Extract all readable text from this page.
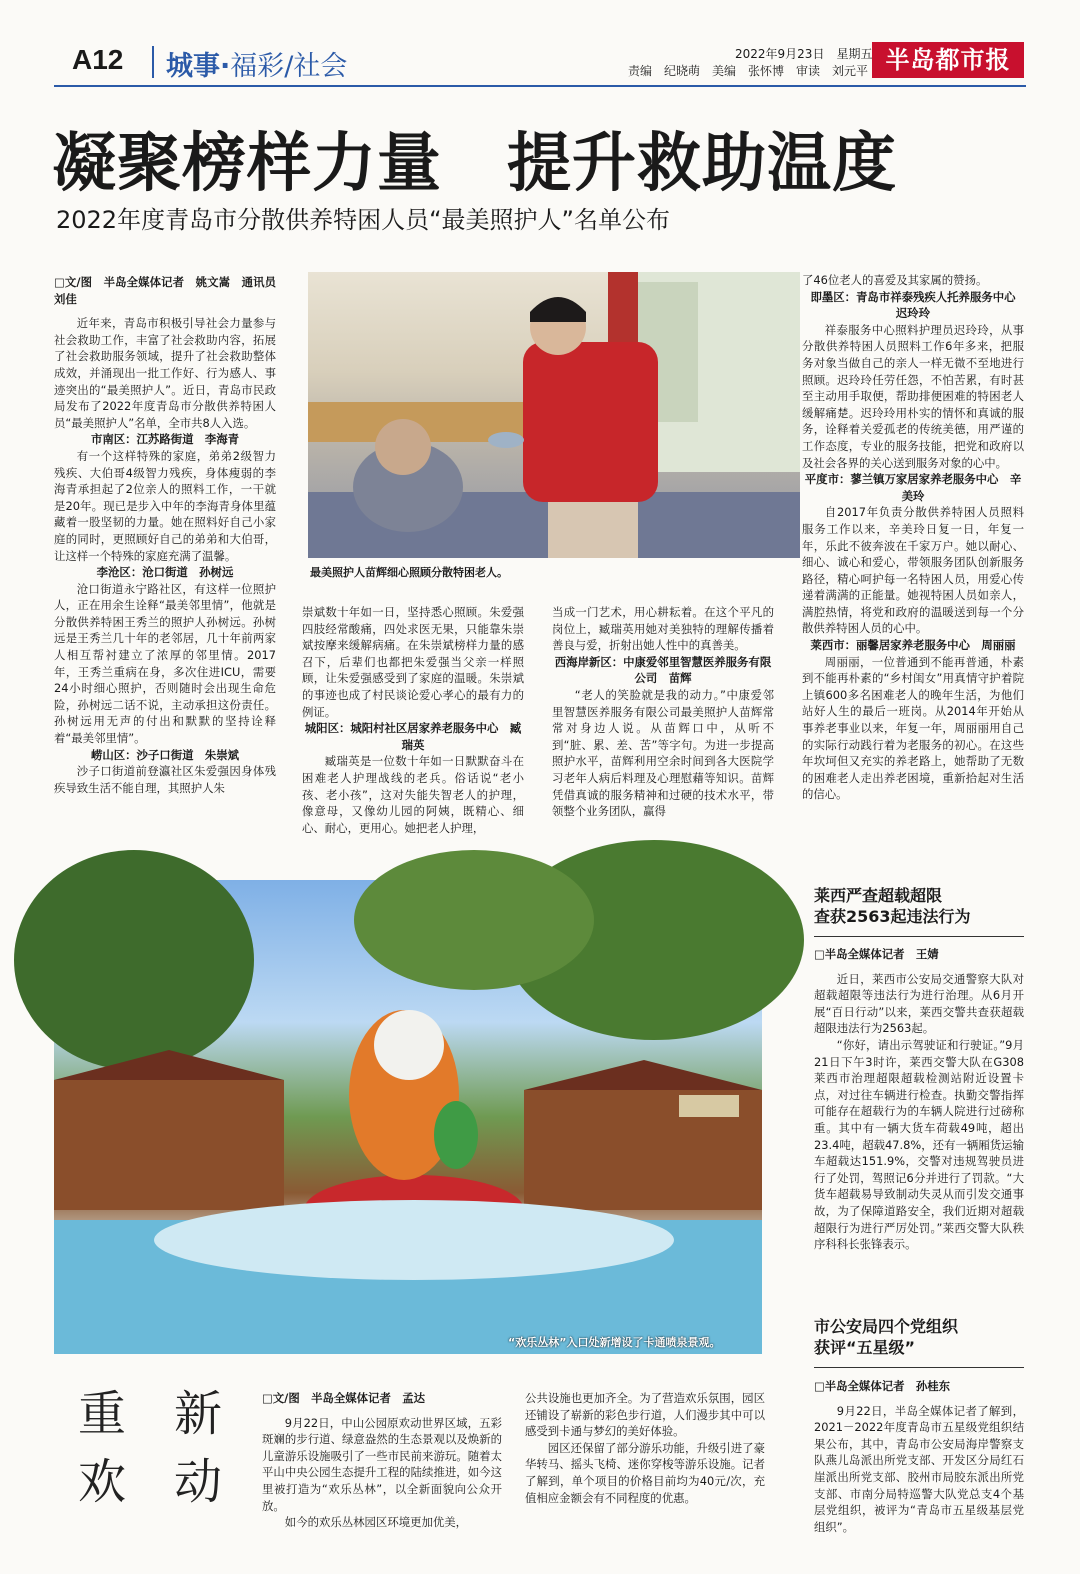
A12 城事·福彩/社会	2022年9月23日　星期五
责编　纪晓萌　美编　张怀博　审读　刘元平 半岛都市报
凝聚榜样力量　提升救助温度
2022年度青岛市分散供养特困人员“最美照护人”名单公布

□文/图　半岛全媒体记者　姚文嵩　通讯员　刘佳

近年来，青岛市积极引导社会力量参与社会救助工作，丰富了社会救助内容，拓展了社会救助服务领域，提升了社会救助整体成效，并涌现出一批工作好、行为感人、事迹突出的“最美照护人”。近日，青岛市民政局发布了2022年度青岛市分散供养特困人员“最美照护人”名单，全市共8人入选。

市南区：江苏路街道　李海青

有一个这样特殊的家庭，弟弟2级智力残疾、大伯哥4级智力残疾，身体瘦弱的李海青承担起了2位亲人的照料工作，一干就是20年。现已是步入中年的李海青身体里蕴藏着一股坚韧的力量。她在照料好自己小家庭的同时，更照顾好自己的弟弟和大伯哥，让这样一个特殊的家庭充满了温馨。

李沧区：沧口街道　孙树远

沧口街道永宁路社区，有这样一位照护人，正在用余生诠释“最美邻里情”，他就是分散供养特困王秀兰的照护人孙树远。孙树远是王秀兰几十年的老邻居，几十年前两家人相互帮衬建立了浓厚的邻里情。2017年，王秀兰重病在身，多次住进ICU，需要24小时细心照护，否则随时会出现生命危险，孙树远二话不说，主动承担这份责任。孙树远用无声的付出和默默的坚持诠释着“最美邻里情”。

崂山区：沙子口街道　朱崇斌

沙子口街道前登瀛社区朱爱强因身体残疾导致生活不能自理，其照护人朱

最美照护人苗辉细心照顾分散特困老人。

崇斌数十年如一日，坚持悉心照顾。朱爱强四肢经常酸痛，四处求医无果，只能靠朱崇斌按摩来缓解病痛。在朱崇斌榜样力量的感召下，后辈们也都把朱爱强当父亲一样照顾，让朱爱强感受到了家庭的温暖。朱崇斌的事迹也成了村民谈论爱心孝心的最有力的例证。

城阳区：城阳村社区居家养老服务中心　臧瑞英

臧瑞英是一位数十年如一日默默奋斗在困难老人护理战线的老兵。俗话说“老小孩、老小孩”，这对失能失智老人的护理，像意母，又像幼儿园的阿姨，既精心、细心、耐心，更用心。她把老人护理，

当成一门艺术，用心耕耘着。在这个平凡的岗位上，臧瑞英用她对美独特的理解传播着善良与爱，折射出她人性中的真善美。

西海岸新区：中康爱邻里智慧医养服务有限公司　苗辉

“老人的笑脸就是我的动力。”中康爱邻里智慧医养服务有限公司最美照护人苗辉常常对身边人说。从苗辉口中，从听不到“脏、累、差、苦”等字句。为进一步提高照护水平，苗辉利用空余时间到各大医院学习老年人病后料理及心理慰藉等知识。苗辉凭借真诚的服务精神和过硬的技术水平，带领整个业务团队，赢得

了46位老人的喜爱及其家属的赞扬。

即墨区：青岛市祥泰残疾人托养服务中心　迟玲玲

祥泰服务中心照料护理员迟玲玲，从事分散供养特困人员照料工作6年多来，把服务对象当做自己的亲人一样无微不至地进行照顾。迟玲玲任劳任怨，不怕苦累，有时甚至主动用手取便，帮助排便困难的特困老人缓解痛楚。迟玲玲用朴实的情怀和真诚的服务，诠释着关爱孤老的传统美德，用严谨的工作态度，专业的服务技能，把党和政府以及社会各界的关心送到服务对象的心中。

平度市：蓼兰镇万家居家养老服务中心　辛美玲

自2017年负责分散供养特困人员照料服务工作以来，辛美玲日复一日，年复一年，乐此不彼奔波在千家万户。她以耐心、细心、诚心和爱心，带领服务团队创新服务路径，精心呵护每一名特困人员，用爱心传递着满满的正能量。她视特困人员如亲人，满腔热情，将党和政府的温暖送到每一个分散供养特困人员的心中。

莱西市：丽馨居家养老服务中心　周丽丽

周丽丽，一位普通到不能再普通，朴素到不能再朴素的“乡村闺女”用真情守护着院上镇600多名困难老人的晚年生活，为他们站好人生的最后一班岗。从2014年开始从事养老事业以来，年复一年，周丽丽用自己的实际行动践行着为老服务的初心。在这些年坎坷但又充实的养老路上，她帮助了无数的困难老人走出养老困境，重新拾起对生活的信心。

“欢乐丛林”入口处新增设了卡通喷泉景观。
重　 新
欢　 动

□文/图　半岛全媒体记者　孟达

9月22日，中山公园原欢动世界区域，五彩斑斓的步行道、绿意盎然的生态景观以及焕新的儿童游乐设施吸引了一些市民前来游玩。随着太平山中央公园生态提升工程的陆续推进，如今这里被打造为“欢乐丛林”，以全新面貌向公众开放。

如今的欢乐丛林园区环境更加优美，

公共设施也更加齐全。为了营造欢乐氛围，园区还铺设了崭新的彩色步行道，人们漫步其中可以感受到卡通与梦幻的美好体验。

园区还保留了部分游乐功能，升级引进了豪华转马、摇头飞椅、迷你穿梭等游乐设施。记者了解到，单个项目的价格目前均为40元/次，充值相应金额会有不同程度的优惠。

莱西严查超载超限
查获2563起违法行为

□半岛全媒体记者　王婧

近日，莱西市公安局交通警察大队对超载超限等违法行为进行治理。从6月开展“百日行动”以来，莱西交警共查获超载超限违法行为2563起。

“你好，请出示驾驶证和行驶证。”9月21日下午3时许，莱西交警大队在G308莱西市治理超限超载检测站附近设置卡点，对过往车辆进行检查。执勤交警指挥可能存在超载行为的车辆人院进行过磅称重。其中有一辆大货车荷载49吨，超出23.4吨，超载47.8%，还有一辆厢货运输车超载达151.9%，交警对违规驾驶员进行了处罚，驾照记6分并进行了罚款。“大货车超载易导致制动失灵从而引发交通事故，为了保障道路安全，我们近期对超载超限行为进行严厉处罚。”莱西交警大队秩序科科长张锋表示。

市公安局四个党组织
获评“五星级”

□半岛全媒体记者　孙桂东

9月22日，半岛全媒体记者了解到，2021－2022年度青岛市五星级党组织结果公布，其中，青岛市公安局海岸警察支队燕儿岛派出所党支部、开发区分局红石崖派出所党支部、胶州市局胶东派出所党支部、市南分局特巡警大队党总支4个基层党组织，被评为“青岛市五星级基层党组织”。
